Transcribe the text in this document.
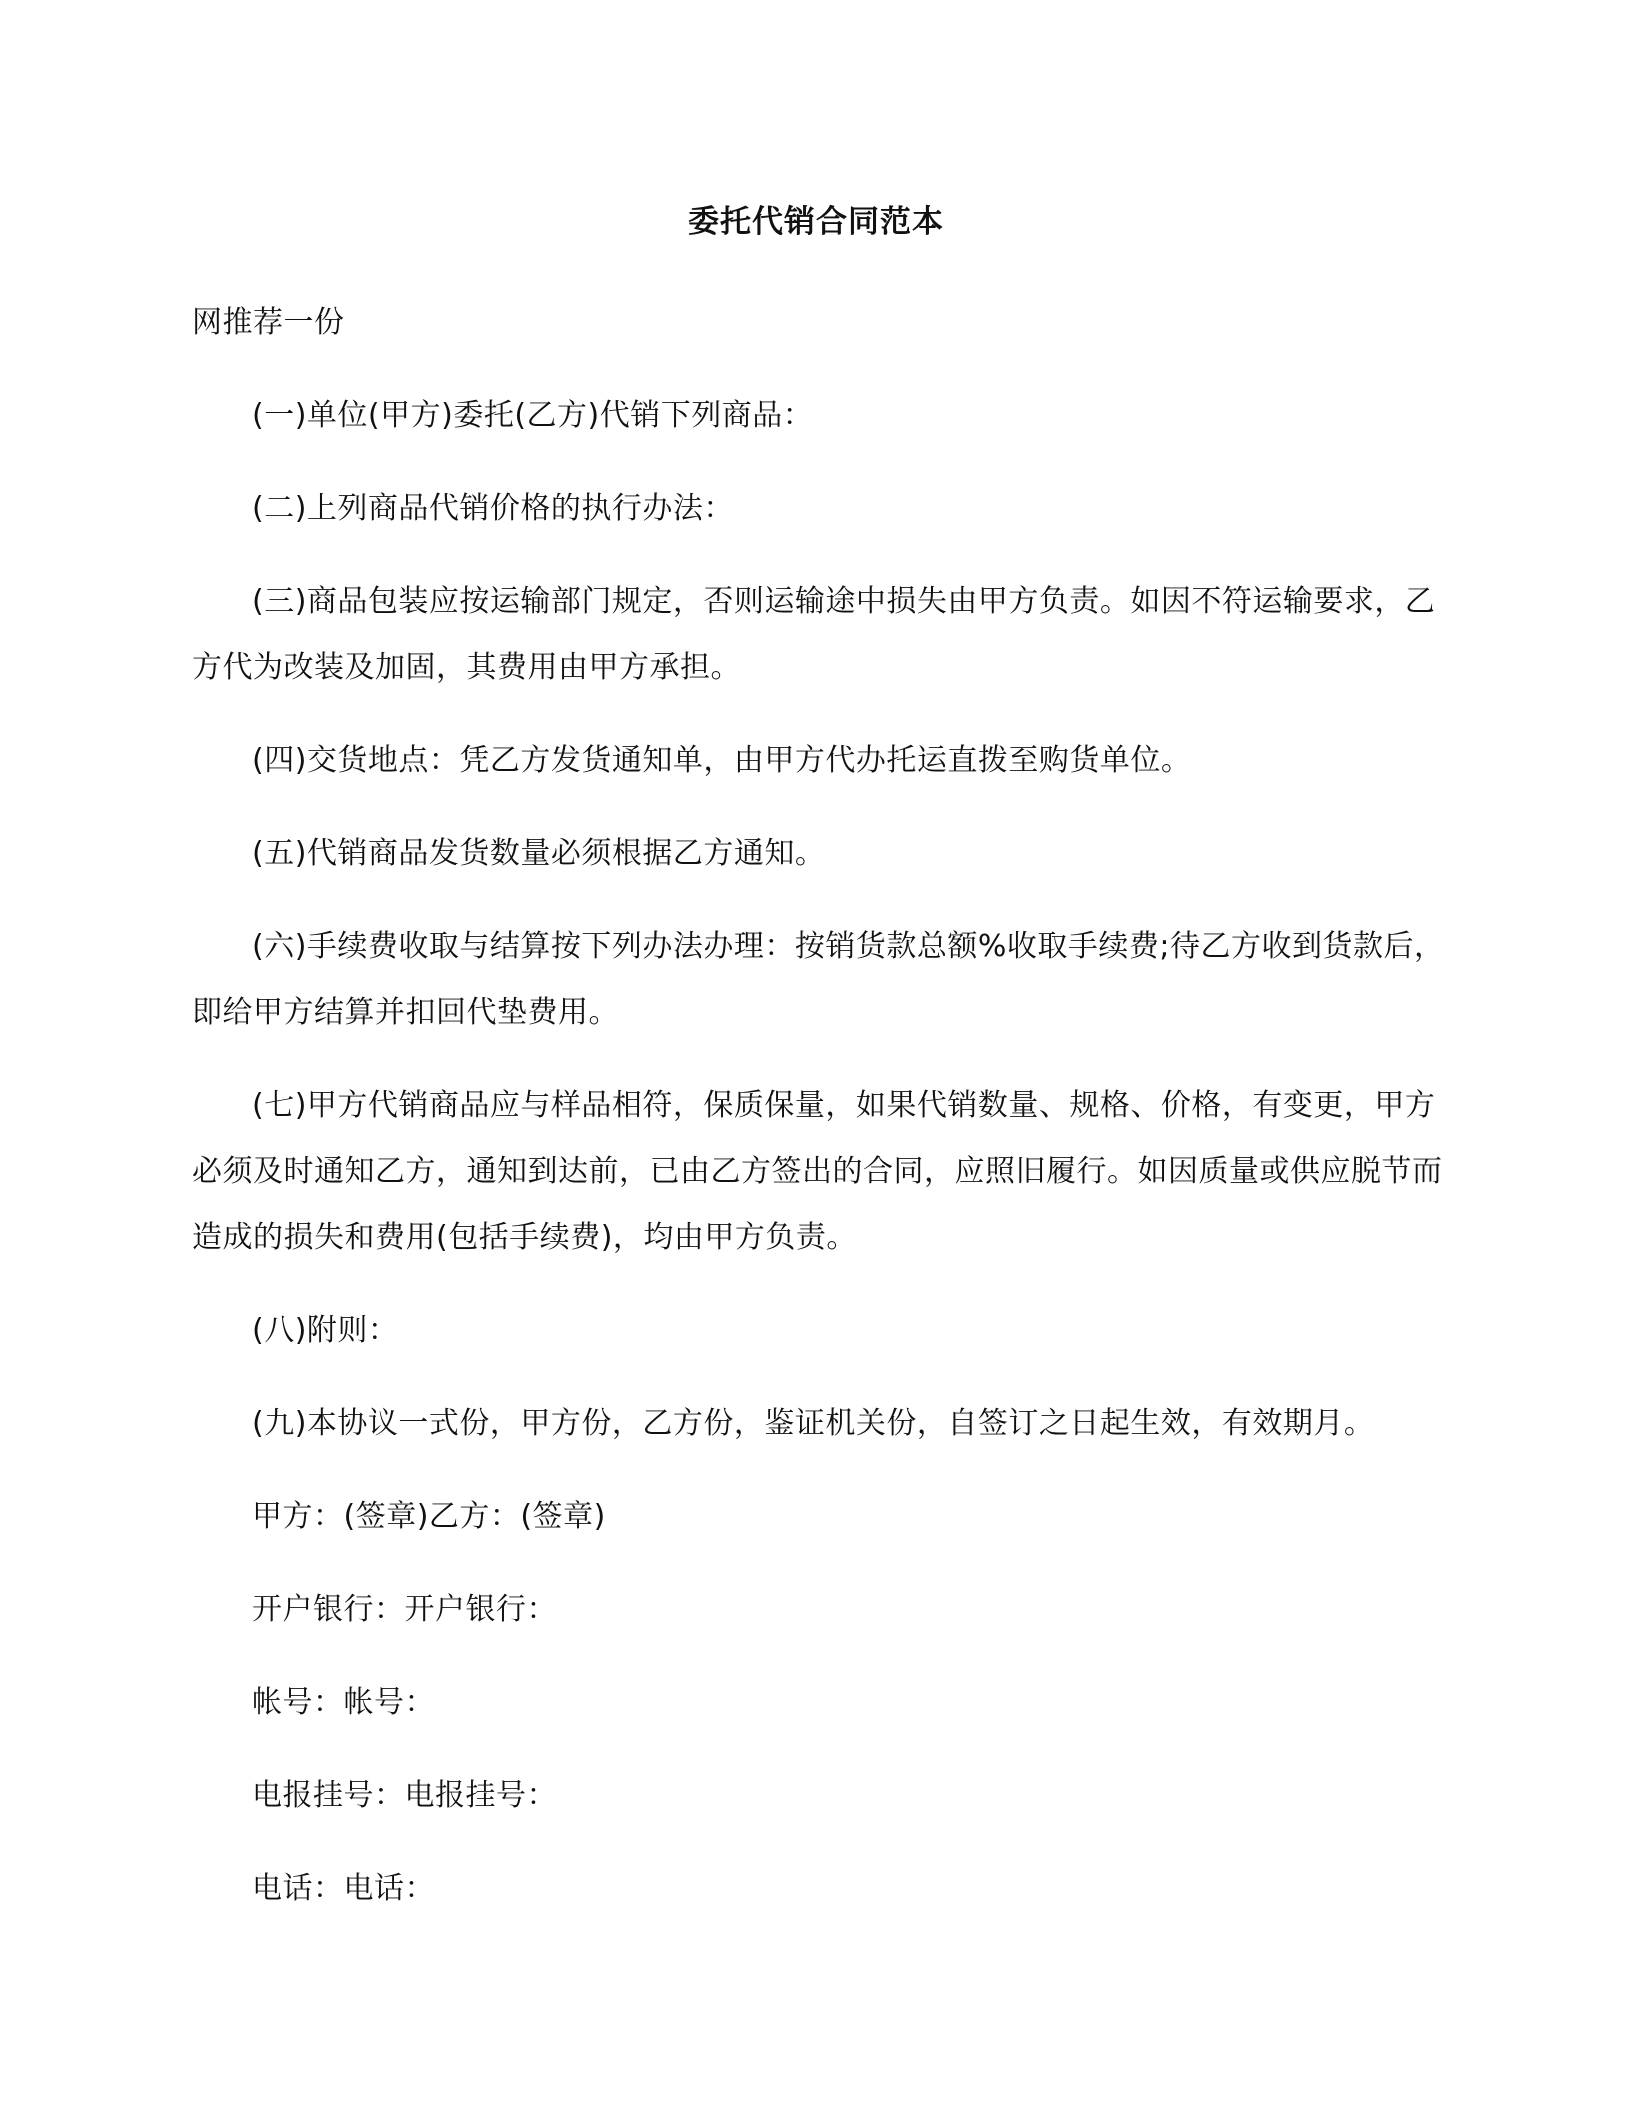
委托代销合同范本
网推荐一份
(一)单位(甲方)委托(乙方)代销下列商品：
(二)上列商品代销价格的执行办法：
(三)商品包装应按运输部门规定，否则运输途中损失由甲方负责。如因不符运输要求，乙方代为改装及加固，其费用由甲方承担。
(四)交货地点：凭乙方发货通知单，由甲方代办托运直拨至购货单位。
(五)代销商品发货数量必须根据乙方通知。
(六)手续费收取与结算按下列办法办理：按销货款总额%收取手续费;待乙方收到货款后，即给甲方结算并扣回代垫费用。
(七)甲方代销商品应与样品相符，保质保量，如果代销数量、规格、价格，有变更，甲方必须及时通知乙方，通知到达前，已由乙方签出的合同，应照旧履行。如因质量或供应脱节而造成的损失和费用(包括手续费)，均由甲方负责。
(八)附则：
(九)本协议一式份，甲方份，乙方份，鉴证机关份，自签订之日起生效，有效期月。
甲方：(签章)乙方：(签章)
开户银行：开户银行：
帐号：帐号：
电报挂号：电报挂号：
电话：电话：
